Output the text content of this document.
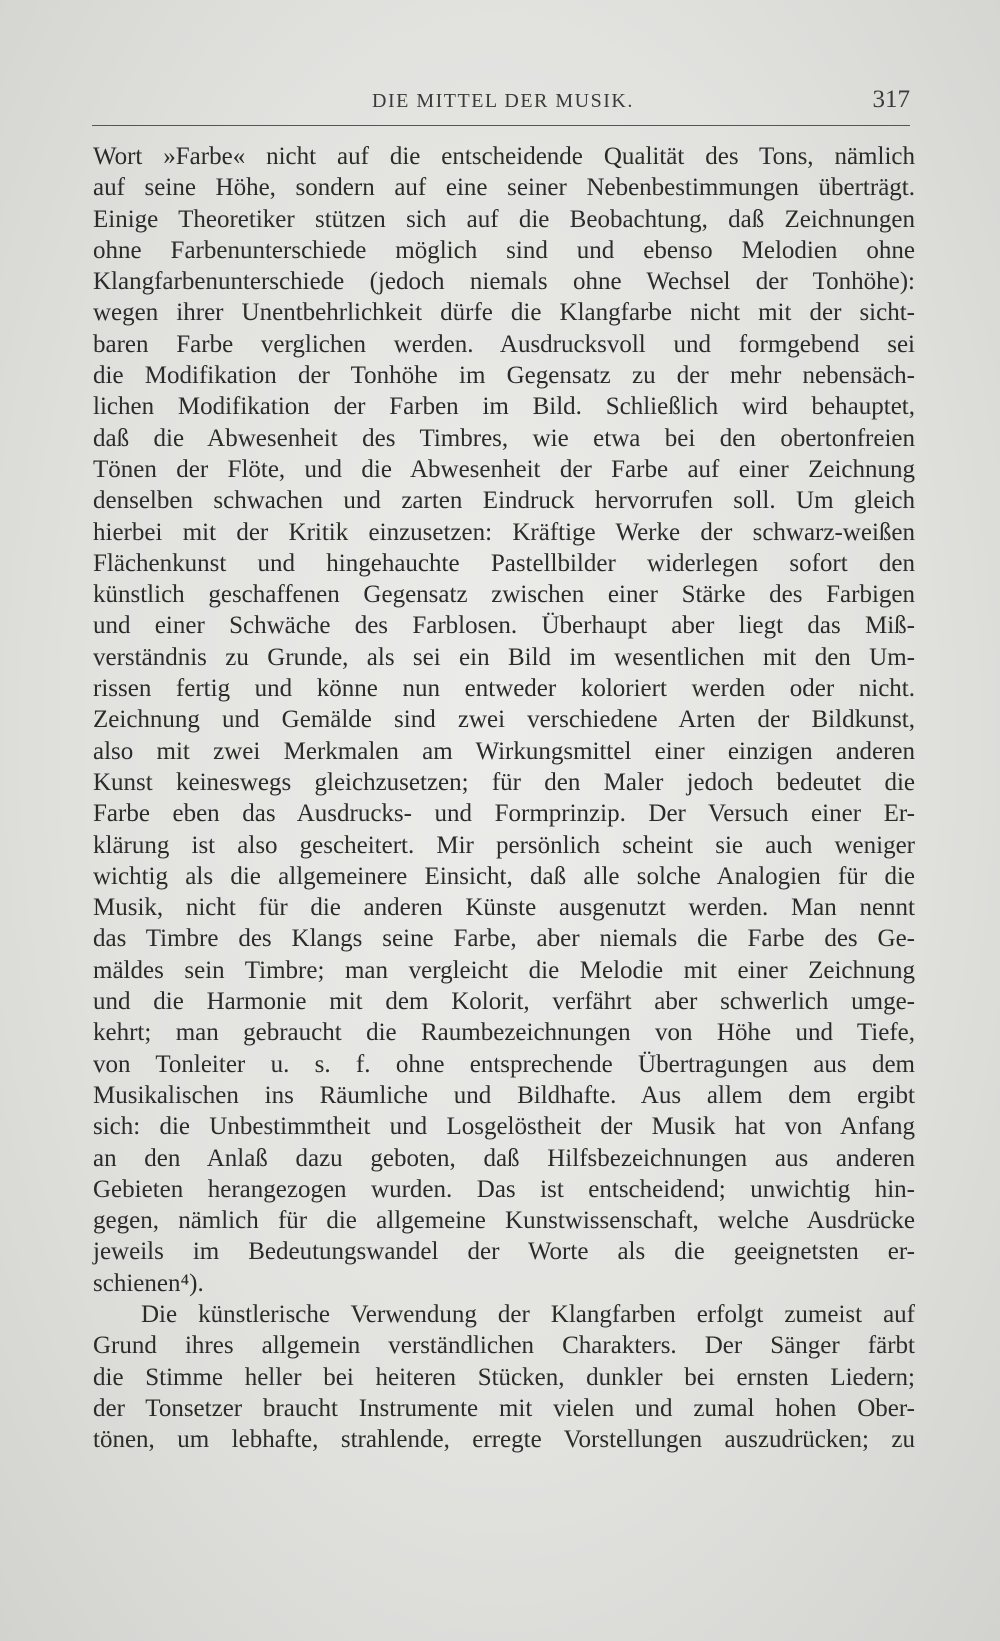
DIE MITTEL DER MUSIK.	317
Wort »Farbe« nicht auf die entscheidende Qualität des Tons, nämlich
auf seine Höhe, sondern auf eine seiner Nebenbestimmungen überträgt.
Einige Theoretiker stützen sich auf die Beobachtung, daß Zeichnungen
ohne Farbenunterschiede möglich sind und ebenso Melodien ohne
Klangfarbenunterschiede (jedoch niemals ohne Wechsel der Tonhöhe):
wegen ihrer Unentbehrlichkeit dürfe die Klangfarbe nicht mit der sicht-
baren Farbe verglichen werden. Ausdrucksvoll und formgebend sei
die Modifikation der Tonhöhe im Gegensatz zu der mehr nebensäch-
lichen Modifikation der Farben im Bild. Schließlich wird behauptet,
daß die Abwesenheit des Timbres, wie etwa bei den obertonfreien
Tönen der Flöte, und die Abwesenheit der Farbe auf einer Zeichnung
denselben schwachen und zarten Eindruck hervorrufen soll. Um gleich
hierbei mit der Kritik einzusetzen: Kräftige Werke der schwarz-weißen
Flächenkunst und hingehauchte Pastellbilder widerlegen sofort den
künstlich geschaffenen Gegensatz zwischen einer Stärke des Farbigen
und einer Schwäche des Farblosen. Überhaupt aber liegt das Miß-
verständnis zu Grunde, als sei ein Bild im wesentlichen mit den Um-
rissen fertig und könne nun entweder koloriert werden oder nicht.
Zeichnung und Gemälde sind zwei verschiedene Arten der Bildkunst,
also mit zwei Merkmalen am Wirkungsmittel einer einzigen anderen
Kunst keineswegs gleichzusetzen; für den Maler jedoch bedeutet die
Farbe eben das Ausdrucks- und Formprinzip. Der Versuch einer Er-
klärung ist also gescheitert. Mir persönlich scheint sie auch weniger
wichtig als die allgemeinere Einsicht, daß alle solche Analogien für die
Musik, nicht für die anderen Künste ausgenutzt werden. Man nennt
das Timbre des Klangs seine Farbe, aber niemals die Farbe des Ge-
mäldes sein Timbre; man vergleicht die Melodie mit einer Zeichnung
und die Harmonie mit dem Kolorit, verfährt aber schwerlich umge-
kehrt; man gebraucht die Raumbezeichnungen von Höhe und Tiefe,
von Tonleiter u. s. f. ohne entsprechende Übertragungen aus dem
Musikalischen ins Räumliche und Bildhafte. Aus allem dem ergibt
sich: die Unbestimmtheit und Losgelöstheit der Musik hat von Anfang
an den Anlaß dazu geboten, daß Hilfsbezeichnungen aus anderen
Gebieten herangezogen wurden. Das ist entscheidend; unwichtig hin-
gegen, nämlich für die allgemeine Kunstwissenschaft, welche Ausdrücke
jeweils im Bedeutungswandel der Worte als die geeignetsten er-
schienen⁴).
Die künstlerische Verwendung der Klangfarben erfolgt zumeist auf
Grund ihres allgemein verständlichen Charakters. Der Sänger färbt
die Stimme heller bei heiteren Stücken, dunkler bei ernsten Liedern;
der Tonsetzer braucht Instrumente mit vielen und zumal hohen Ober-
tönen, um lebhafte, strahlende, erregte Vorstellungen auszudrücken; zu
